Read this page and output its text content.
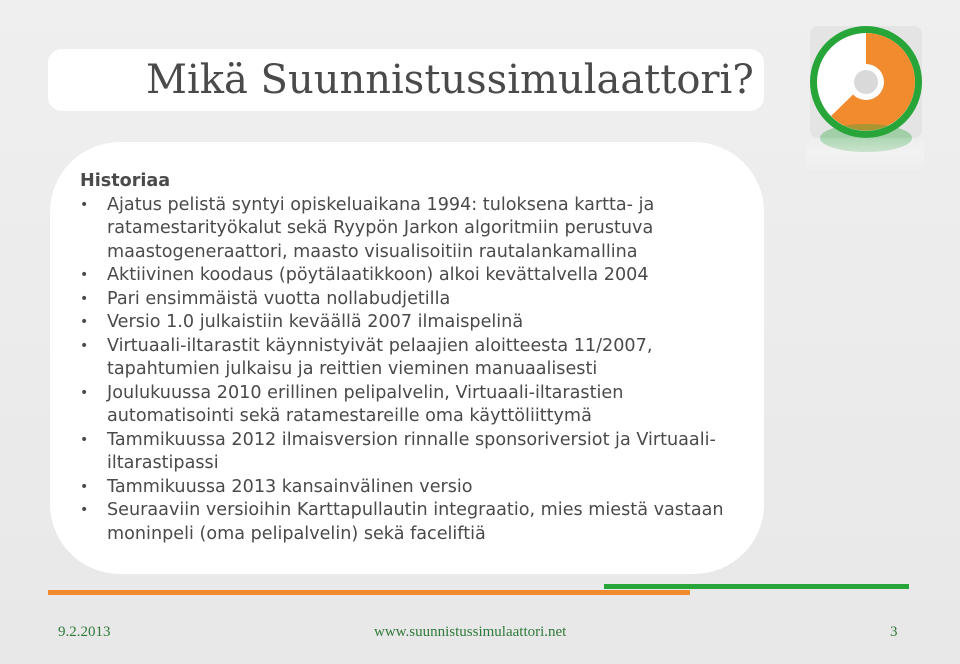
Mikä Suunnistussimulaattori?
Historiaa
• Ajatus pelistä syntyi opiskeluaikana 1994: tuloksena kartta- ja ratamestarityökalut sekä Ryypön Jarkon algoritmiin perustuva maastogeneraattori, maasto visualisoitiin rautalankamallina
• Aktiivinen koodaus (pöytälaatikkoon) alkoi kevättalvella 2004
• Pari ensimmäistä vuotta nollabudjetilla
• Versio 1.0 julkaistiin keväällä 2007 ilmaispelinä
• Virtuaali-iltarastit käynnistyivät pelaajien aloitteesta 11/2007, tapahtumien julkaisu ja reittien vieminen manuaalisesti
• Joulukuussa 2010 erillinen pelipalvelin, Virtuaali-iltarastien automatisointi sekä ratamestareille oma käyttöliittymä
• Tammikuussa 2012 ilmaisversion rinnalle sponsoriversiot ja Virtuaali-iltarastipassi
• Tammikuussa 2013 kansainvälinen versio
• Seuraaviin versioihin Karttapullautin integraatio, mies miestä vastaan moninpeli (oma pelipalvelin) sekä faceliftiä
9.2.2013	www.suunnistussimulaattori.net	3
